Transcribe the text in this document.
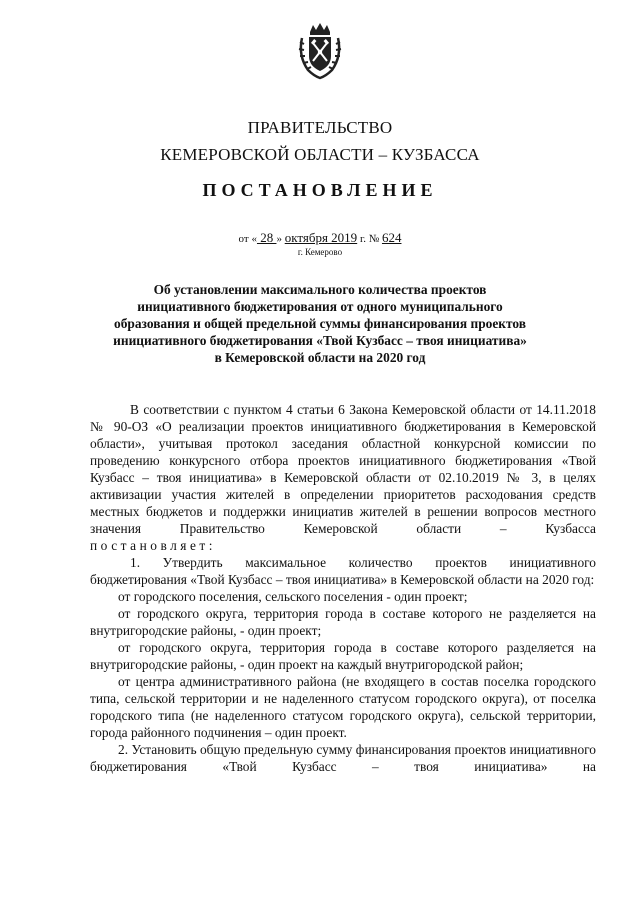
ПРАВИТЕЛЬСТВО
КЕМЕРОВСКОЙ ОБЛАСТИ – КУЗБАССА
ПОСТАНОВЛЕНИЕ
от « 28 » октября 2019 г. № 624
г. Кемерово
Об установлении максимального количества проектов инициативного бюджетирования от одного муниципального образования и общей предельной суммы финансирования проектов инициативного бюджетирования «Твой Кузбасс – твоя инициатива» в Кемеровской области на 2020 год

В соответствии с пунктом 4 статьи 6 Закона Кемеровской области от 14.11.2018 № 90-ОЗ «О реализации проектов инициативного бюджетирования в Кемеровской области», учитывая протокол заседания областной конкурсной комиссии по проведению конкурсного отбора проектов инициативного бюджетирования «Твой Кузбасс – твоя инициатива» в Кемеровской области от 02.10.2019 № 3, в целях активизации участия жителей в определении приоритетов расходования средств местных бюджетов и поддержки инициатив жителей в решении вопросов местного значения Правительство Кемеровской области – Кузбасса

постановляет:

1. Утвердить максимальное количество проектов инициативного бюджетирования «Твой Кузбасс – твоя инициатива» в Кемеровской области на 2020 год:

от городского поселения, сельского поселения - один проект;

от городского округа, территория города в составе которого не разделяется на внутригородские районы, - один проект;

от городского округа, территория города в составе которого разделяется на внутригородские районы, - один проект на каждый внутригородской район;

от центра административного района (не входящего в состав поселка городского типа, сельской территории и не наделенного статусом городского округа), от поселка городского типа (не наделенного статусом городского округа), сельской территории, города районного подчинения – один проект.

2. Установить общую предельную сумму финансирования проектов инициативного бюджетирования «Твой Кузбасс – твоя инициатива» на
